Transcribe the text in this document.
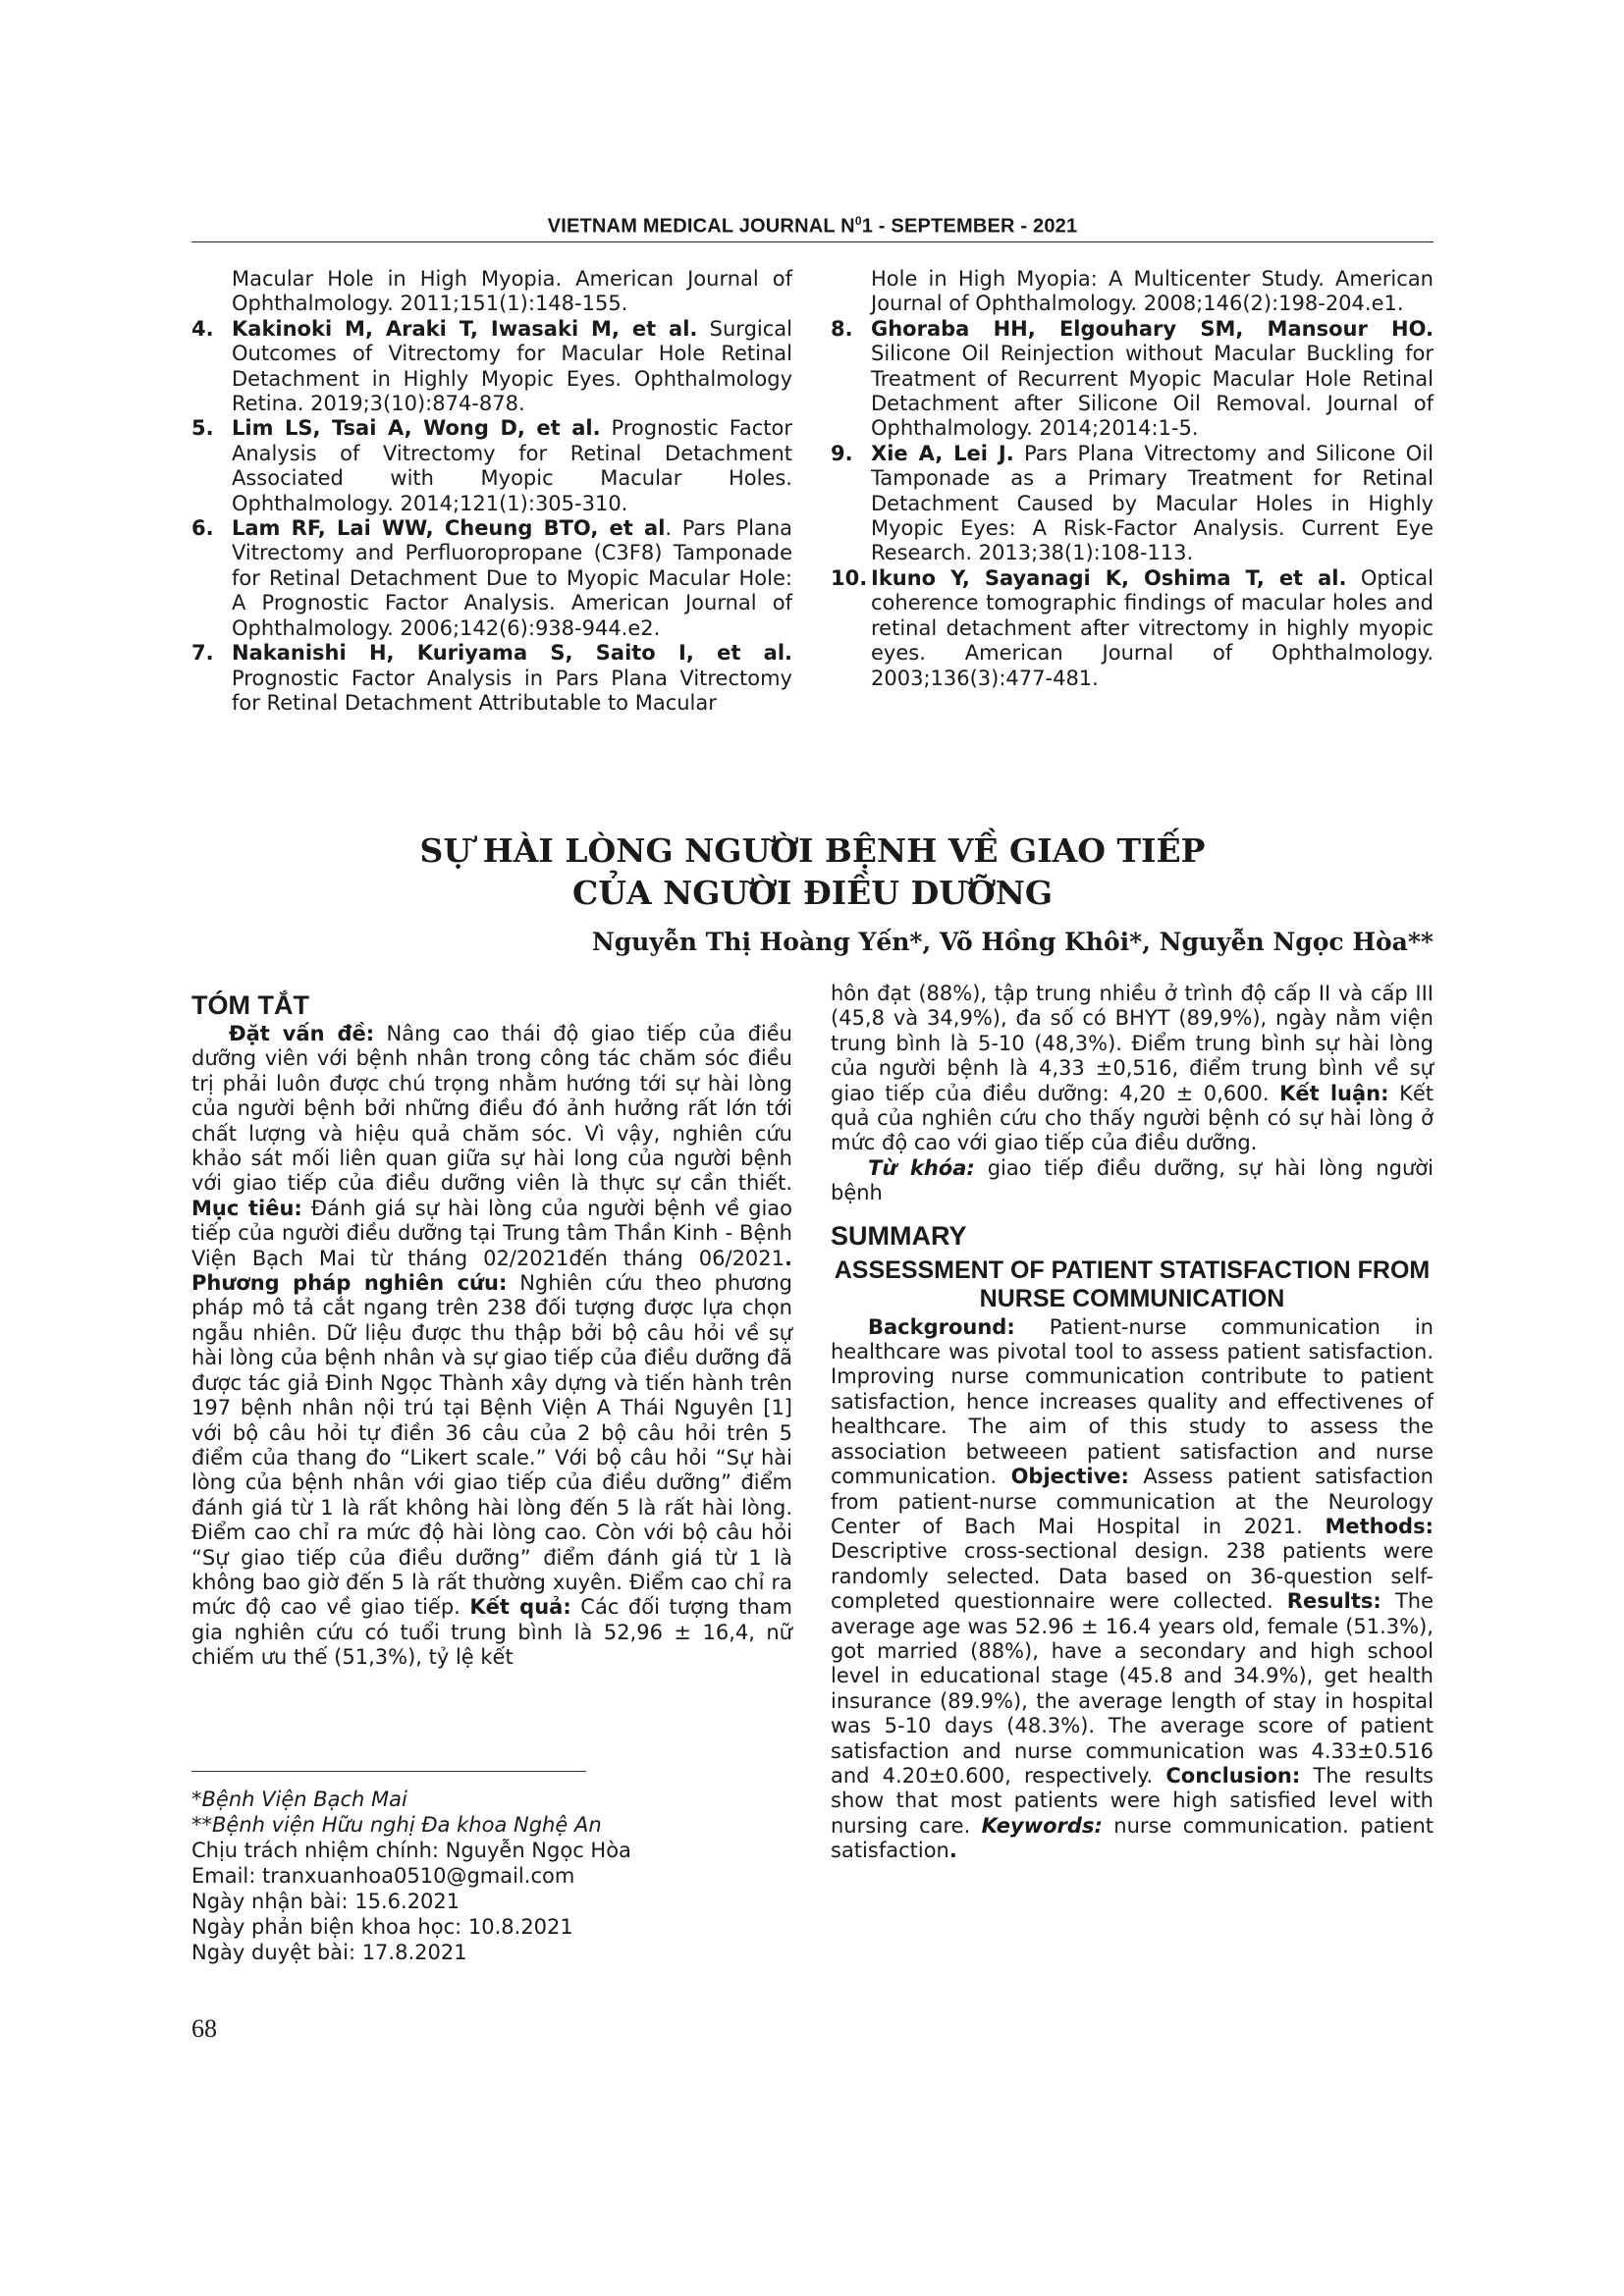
VIETNAM MEDICAL JOURNAL $N^01$ - SEPTEMBER - 2021

Macular Hole in High Myopia. American Journal of Ophthalmology. 2011;151(1):148-155.

4. Kakinoki M, Araki T, Iwasaki M, et al. Surgical Outcomes of Vitrectomy for Macular Hole Retinal Detachment in Highly Myopic Eyes. Ophthalmology Retina. 2019;3(10):874-878.

5. Lim LS, Tsai A, Wong D, et al. Prognostic Factor Analysis of Vitrectomy for Retinal Detachment Associated with Myopic Macular Holes. Ophthalmology. 2014;121(1):305-310.

6. Lam RF, Lai WW, Cheung BTO, et al. Pars Plana Vitrectomy and Perfluoropropane (C3F8) Tamponade for Retinal Detachment Due to Myopic Macular Hole: A Prognostic Factor Analysis. American Journal of Ophthalmology. 2006;142(6):938-944.e2.

7. Nakanishi H, Kuriyama S, Saito I, et al. Prognostic Factor Analysis in Pars Plana Vitrectomy for Retinal Detachment Attributable to Macular

Hole in High Myopia: A Multicenter Study. American Journal of Ophthalmology. 2008;146(2):198-204.e1.

8. Ghoraba HH, Elgouhary SM, Mansour HO. Silicone Oil Reinjection without Macular Buckling for Treatment of Recurrent Myopic Macular Hole Retinal Detachment after Silicone Oil Removal. Journal of Ophthalmology. 2014;2014:1-5.

9. Xie A, Lei J. Pars Plana Vitrectomy and Silicone Oil Tamponade as a Primary Treatment for Retinal Detachment Caused by Macular Holes in Highly Myopic Eyes: A Risk-Factor Analysis. Current Eye Research. 2013;38(1):108-113.

10. Ikuno Y, Sayanagi K, Oshima T, et al. Optical coherence tomographic findings of macular holes and retinal detachment after vitrectomy in highly myopic eyes. American Journal of Ophthalmology. 2003;136(3):477-481.

SỰ HÀI LÒNG NGƯỜI BỆNH VỀ GIAO TIẾP

CỦA NGƯỜI ĐIỀU DƯỠNG

Nguyễn Thị Hoàng Yến*, Võ Hồng Khôi*, Nguyễn Ngọc Hòa**

TÓM TẮT

Đặt vấn đề: Nâng cao thái độ giao tiếp của điều dưỡng viên với bệnh nhân trong công tác chăm sóc điều trị phải luôn được chú trọng nhằm hướng tới sự hài lòng của người bệnh bởi những điều đó ảnh hưởng rất lớn tới chất lượng và hiệu quả chăm sóc. Vì vậy, nghiên cứu khảo sát mối liên quan giữa sự hài long của người bệnh với giao tiếp của điều dưỡng viên là thực sự cần thiết. Mục tiêu: Đánh giá sự hài lòng của người bệnh về giao tiếp của người điều dưỡng tại Trung tâm Thần Kinh - Bệnh Viện Bạch Mai từ tháng 02/2021đến tháng 06/2021. Phương pháp nghiên cứu: Nghiên cứu theo phương pháp mô tả cắt ngang trên 238 đối tượng được lựa chọn ngẫu nhiên. Dữ liệu được thu thập bởi bộ câu hỏi về sự hài lòng của bệnh nhân và sự giao tiếp của điều dưỡng đã được tác giả Đinh Ngọc Thành xây dựng và tiến hành trên 197 bệnh nhân nội trú tại Bệnh Viện A Thái Nguyên [1] với bộ câu hỏi tự điền 36 câu của 2 bộ câu hỏi trên 5 điểm của thang đo “Likert scale.” Với bộ câu hỏi “Sự hài lòng của bệnh nhân với giao tiếp của điều dưỡng” điểm đánh giá từ 1 là rất không hài lòng đến 5 là rất hài lòng. Điểm cao chỉ ra mức độ hài lòng cao. Còn với bộ câu hỏi “Sự giao tiếp của điều dưỡng” điểm đánh giá từ 1 là không bao giờ đến 5 là rất thường xuyên. Điểm cao chỉ ra mức độ cao về giao tiếp. Kết quả: Các đối tượng tham gia nghiên cứu có tuổi trung bình là 52,96 ± 16,4, nữ chiếm ưu thế (51,3%), tỷ lệ kết

hôn đạt (88%), tập trung nhiều ở trình độ cấp II và cấp III (45,8 và 34,9%), đa số có BHYT (89,9%), ngày nằm viện trung bình là 5-10 (48,3%). Điểm trung bình sự hài lòng của người bệnh là 4,33 ±0,516, điểm trung bình về sự giao tiếp của điều dưỡng: 4,20 ± 0,600. Kết luận: Kết quả của nghiên cứu cho thấy người bệnh có sự hài lòng ở mức độ cao với giao tiếp của điều dưỡng.

Từ khóa: giao tiếp điều dưỡng, sự hài lòng người bệnh

SUMMARY

ASSESSMENT OF PATIENT STATISFACTION FROM NURSE COMMUNICATION

Background: Patient-nurse communication in healthcare was pivotal tool to assess patient satisfaction. Improving nurse communication contribute to patient satisfaction, hence increases quality and effectivenes of healthcare. The aim of this study to assess the association betweeen patient satisfaction and nurse communication. Objective: Assess patient satisfaction from patient-nurse communication at the Neurology Center of Bach Mai Hospital in 2021. Methods: Descriptive cross-sectional design. 238 patients were randomly selected. Data based on 36-question self-completed questionnaire were collected. Results: The average age was 52.96 ± 16.4 years old, female (51.3%), got married (88%), have a secondary and high school level in educational stage (45.8 and 34.9%), get health insurance (89.9%), the average length of stay in hospital was 5-10 days (48.3%). The average score of patient satisfaction and nurse communication was 4.33±0.516 and 4.20±0.600, respectively. Conclusion: The results show that most patients were high satisfied level with nursing care. Keywords: nurse communication. patient satisfaction.

*Bệnh Viện Bạch Mai

**Bệnh viện Hữu nghị Đa khoa Nghệ An

Chịu trách nhiệm chính: Nguyễn Ngọc Hòa

Email: tranxuanhoa0510@gmail.com

Ngày nhận bài: 15.6.2021

Ngày phản biện khoa học: 10.8.2021

Ngày duyệt bài: 17.8.2021

68
